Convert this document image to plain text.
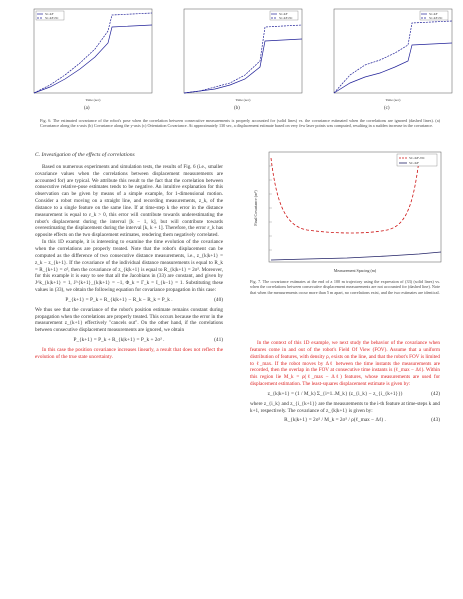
SC-KF
SC-KF-NC
Time (sec)
(a)
SC-KF
SC-KF-NC
Time (sec)
(b)
SC-KF
SC-KF-NC
Time (sec)
(c)
Fig. 6. The estimated covariance of the robot's pose when the correlation between consecutive measurements is properly accounted for (solid lines) vs. the covariance estimated when the correlations are ignored (dashed lines). (a) Covariance along the x-axis (b) Covariance along the y-axis (c) Orientation Covariance. At approximately 130 sec, a displacement estimate based on very few laser points was computed, resulting in a sudden increase in the covariance.
C. Investigation of the effects of correlations

Based on numerous experiments and simulation tests, the results of Fig. 6 (i.e., smaller covariance values when the correlations between displacement measurements are accounted for) are typical. We attribute this result to the fact that the correlation between consecutive relative-pose estimates tends to be negative. An intuitive explanation for this observation can be given by means of a simple example, for 1-dimensional motion. Consider a robot moving on a straight line, and recording measurements, z_k, of the distance to a single feature on the same line. If at time-step k the error in the distance measurement is equal to ε_k > 0, this error will contribute towards underestimating the robot's displacement during the interval [k − 1, k], but will contribute towards overestimating the displacement during the interval [k, k + 1]. Therefore, the error ε_k has opposite effects on the two displacement estimates, rendering them negatively correlated.

In this 1D example, it is interesting to examine the time evolution of the covariance when the correlations are properly treated. Note that the robot's displacement can be computed as the difference of two consecutive distance measurements, i.e., z_{k|k+1} = z_k − z_{k+1}. If the covariance of the individual distance measurements is equal to R_k = R_{k+1} = σ², then the covariance of z_{k|k+1} is equal to R_{k|k+1} = 2σ². Moreover, for this example it is easy to see that all the Jacobians in (33) are constant, and given by J^k_{k|k+1} = 1, J^{k+1}_{k|k+1} = −1, Φ_k = Γ_k = I_{k−1} = 1. Substituting these values in (33), we obtain the following equation for covariance propagation in this case:

P_{k+1} = P_k + R_{k|k+1} − R_k − R_k = P_k .	(40)

We thus see that the covariance of the robot's position estimate remains constant during propagation when the correlations are properly treated. This occurs because the error in the measurement z_{k+1} effectively "cancels out". On the other hand, if the correlations between consecutive displacement measurements are ignored, we obtain

P_{k+1} = P_k + R_{k|k+1} = P_k + 2σ² .	(41)

In this case the position covariance increases linearly, a result that does not reflect the evolution of the true state uncertainty.

SC-KF-NC
SC-KF
Measurement Spacing (m)
Final Covariance (m²)
Fig. 7. The covariance estimates at the end of a 100 m trajectory using the expression of (33) (solid lines) vs. when the correlations between consecutive displacement measurements are not accounted for (dashed line). Note that when the measurements occur more than 5 m apart, no correlations exist, and the two estimates are identical.

In the context of this 1D example, we next study the behavior of the covariance when features come in and out of the robot's Field Of View (FOV). Assume that a uniform distribution of features, with density ρ, exists on the line, and that the robot's FOV is limited to ℓ_max. If the robot moves by Δℓ between the time instants the measurements are recorded, then the overlap in the FOV at consecutive time instants is (ℓ_max − Δℓ). Within this region lie M_k = ρ(ℓ_max − Δℓ) features, whose measurements are used for displacement estimation. The least-squares displacement estimate is given by:

z_{k|k+1} = (1 / M_k) Σ_{i=1..M_k} (z_{i_k} − z_{i_{k+1}})	(42)

where z_{i_k} and z_{i_{k+1}} are the measurements to the i-th feature at time-steps k and k+1, respectively. The covariance of z_{k|k+1} is given by:

R_{k|k+1} = 2σ² / M_k = 2σ² / ρ(ℓ_max − Δℓ) .	(43)
